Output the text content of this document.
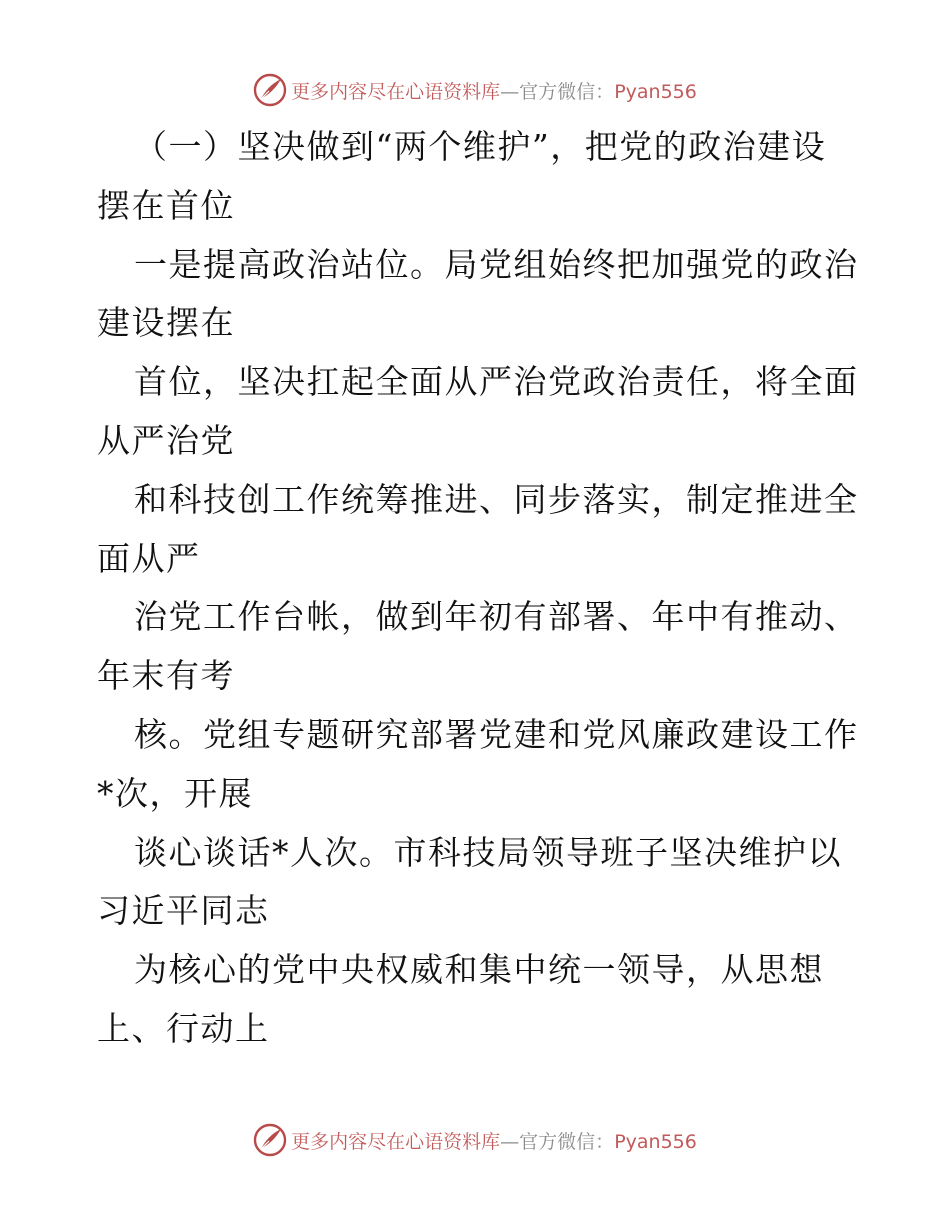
更多内容尽在心语资料库—官方微信：Pyan556
（一）坚决做到“两个维护”，把党的政治建设
摆在首位
一是提高政治站位。局党组始终把加强党的政治
建设摆在
首位，坚决扛起全面从严治党政治责任，将全面
从严治党
和科技创工作统筹推进、同步落实，制定推进全
面从严
治党工作台帐，做到年初有部署、年中有推动、
年末有考
核。党组专题研究部署党建和党风廉政建设工作
*次，开展
谈心谈话*人次。市科技局领导班子坚决维护以
习近平同志
为核心的党中央权威和集中统一领导，从思想
上、行动上
更多内容尽在心语资料库—官方微信：Pyan556
